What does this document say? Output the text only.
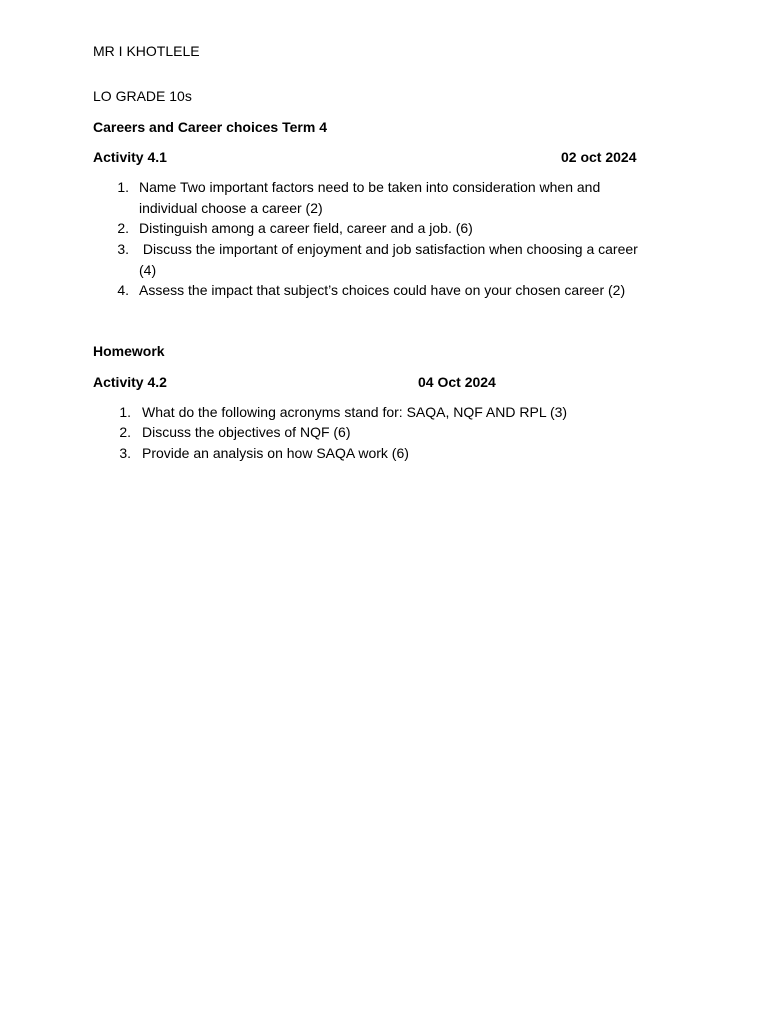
MR I KHOTLELE
LO GRADE 10s
Careers and Career choices Term 4
Activity 4.1	02 oct 2024
1. Name Two important factors need to be taken into consideration when and individual choose a career (2)
2. Distinguish among a career field, career and a job. (6)
3. Discuss the important of enjoyment and job satisfaction when choosing a career (4)
4. Assess the impact that subject’s choices could have on your chosen career (2)
Homework
Activity 4.2	04 Oct 2024
1. What do the following acronyms stand for: SAQA, NQF AND RPL (3)
2. Discuss the objectives of NQF (6)
3. Provide an analysis on how SAQA work (6)
